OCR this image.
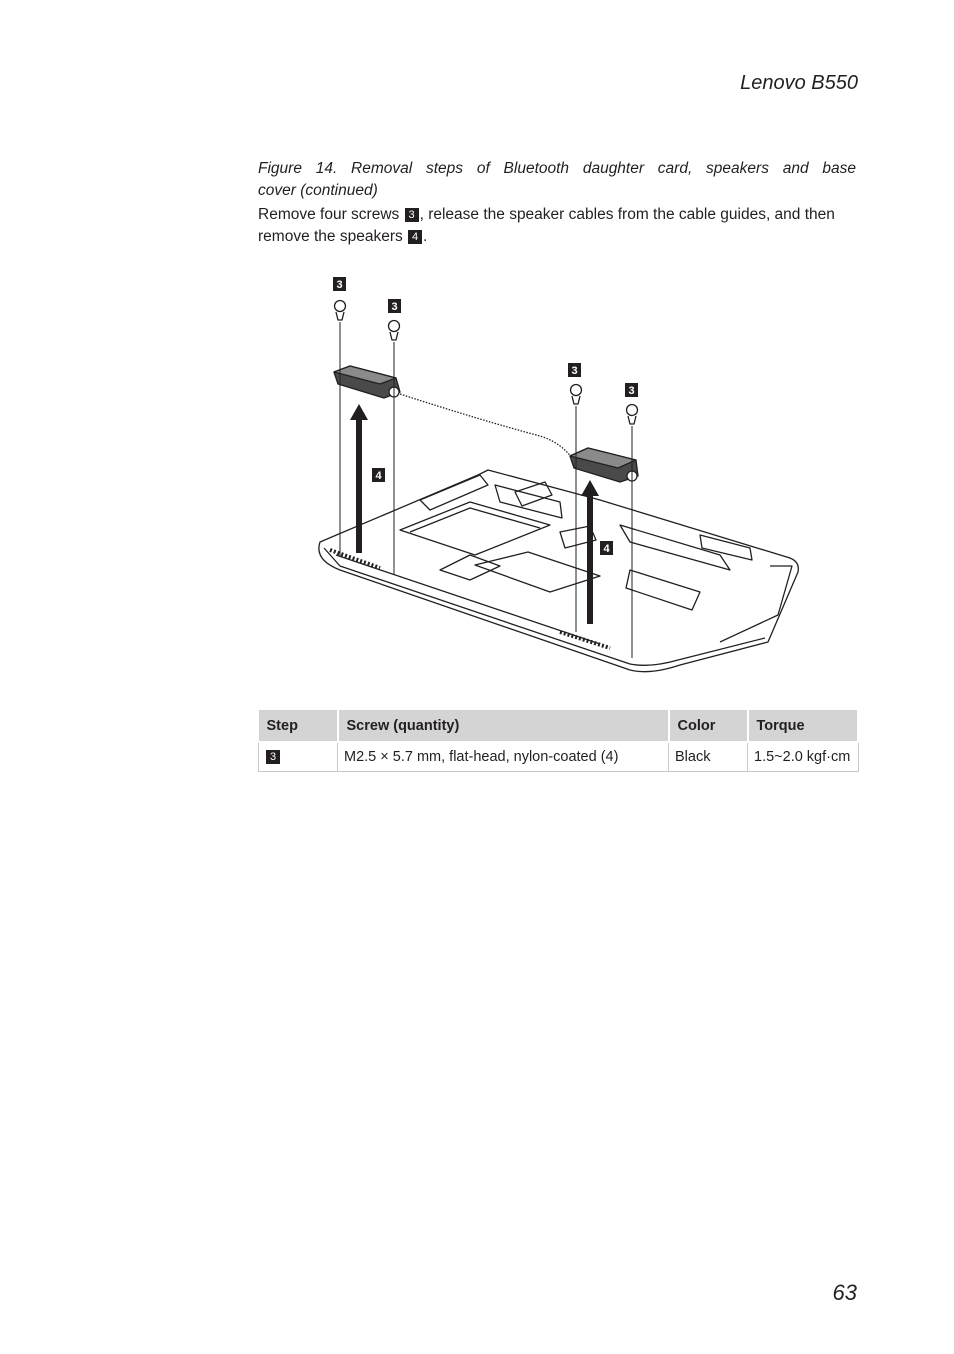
Lenovo B550
Figure 14. Removal steps of Bluetooth daughter card, speakers and base
cover (continued)
Remove four screws 3 , release the speaker cables from the cable guides, and then remove the speakers 4 .
3
3
3
3
4
4
Step	Screw (quantity)	Color	Torque
3	M2.5 × 5.7 mm, flat-head, nylon-coated (4)	Black	1.5~2.0 kgf·cm
63
